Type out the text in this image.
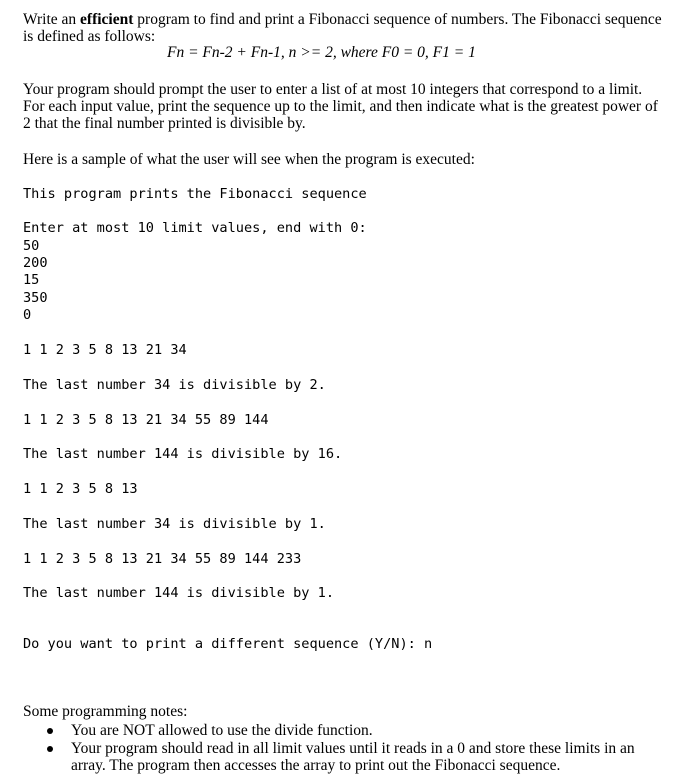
Write an efficient program to find and print a Fibonacci sequence of numbers. The Fibonacci sequence is defined as follows:
Fn = Fn-2 + Fn-1, n >= 2, where F0 = 0, F1 = 1
Your program should prompt the user to enter a list of at most 10 integers that correspond to a limit. For each input value, print the sequence up to the limit, and then indicate what is the greatest power of 2 that the final number printed is divisible by.
Here is a sample of what the user will see when the program is executed:
This program prints the Fibonacci sequence
Enter at most 10 limit values, end with 0:
50
200
15
350
0
1 1 2 3 5 8 13 21 34
The last number 34 is divisible by 2.
1 1 2 3 5 8 13 21 34 55 89 144
The last number 144 is divisible by 16.
1 1 2 3 5 8 13
The last number 34 is divisible by 1.
1 1 2 3 5 8 13 21 34 55 89 144 233
The last number 144 is divisible by 1.
Do you want to print a different sequence (Y/N): n
Some programming notes:
You are NOT allowed to use the divide function.
Your program should read in all limit values until it reads in a 0 and store these limits in an array. The program then accesses the array to print out the Fibonacci sequence.
